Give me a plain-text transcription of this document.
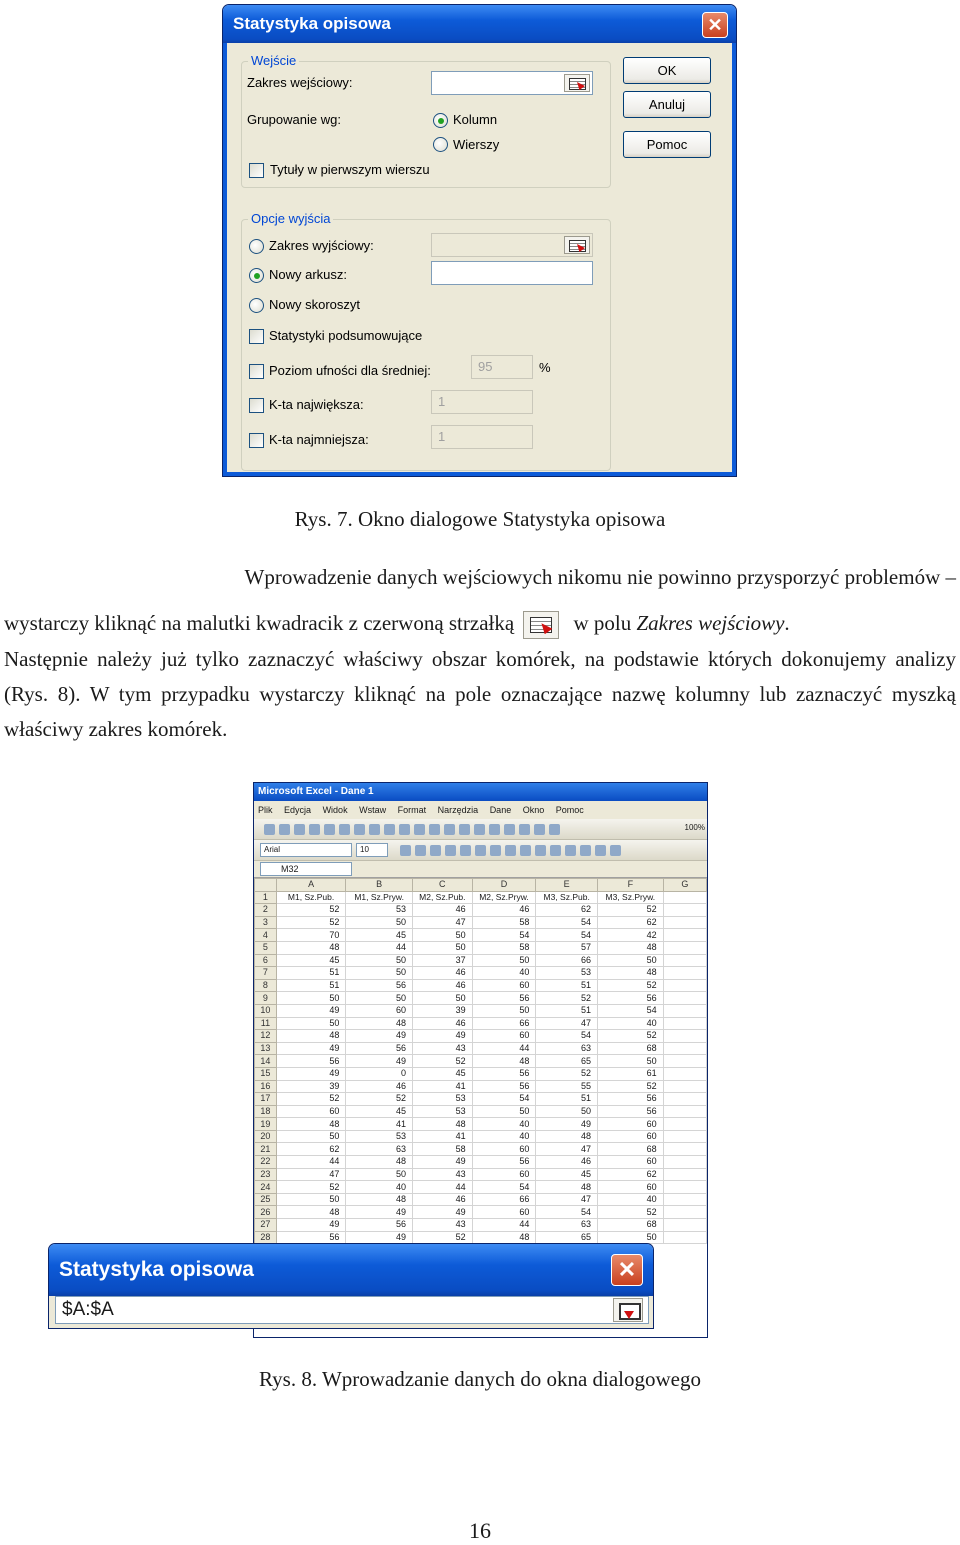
Statystyka opisowa	✕
Wejście
Zakres wejściowy:
Grupowanie wg:	Kolumn
Wierszy
Tytuły w pierwszym wierszu
Opcje wyjścia
Zakres wyjściowy:
Nowy arkusz:
Nowy skoroszyt
Statystyki podsumowujące
Poziom ufności dla średniej:	95	%
K-ta największa:	1
K-ta najmniejsza:	1
OK
Anuluj
Pomoc
Rys. 7. Okno dialogowe Statystyka opisowa
Wprowadzenie danych wejściowych nikomu nie powinno przysporzyć problemów –
wystarczy kliknąć na malutki kwadracik z czerwoną strzałką	w polu Zakres wejściowy.
Następnie należy już tylko zaznaczyć właściwy obszar komórek, na podstawie których dokonujemy analizy (Rys. 8). W tym przypadku wystarczy kliknąć na pole oznaczające nazwę kolumny lub zaznaczyć myszką właściwy zakres komórek.
Microsoft Excel - Dane 1
Plik Edycja Widok Wstaw Format Narzędzia Dane Okno Pomoc

100%
Arial	10

M32
	A	B	C	D	E	F	G
1	M1, Sz.Pub.	M1, Sz.Pryw.	M2, Sz.Pub.	M2, Sz.Pryw.	M3, Sz.Pub.	M3, Sz.Pryw.	
2	52	53	46	46	62	52	
3	52	50	47	58	54	62	
4	70	45	50	54	54	42	
5	48	44	50	58	57	48	
6	45	50	37	50	66	50	
7	51	50	46	40	53	48	
8	51	56	46	60	51	52	
9	50	50	50	56	52	56	
10	49	60	39	50	51	54	
11	50	48	46	66	47	40	
12	48	49	49	60	54	52	
13	49	56	43	44	63	68	
14	56	49	52	48	65	50	
15	49	0	45	56	52	61	
16	39	46	41	56	55	52	
17	52	52	53	54	51	56	
18	60	45	53	50	50	56	
19	48	41	48	40	49	60	
20	50	53	41	40	48	60	
21	62	63	58	60	47	68	
22	44	48	49	56	46	60	
23	47	50	43	60	45	62	
24	52	40	44	54	48	60	
25	50	48	46	66	47	40	
26	48	49	49	60	54	52	
27	49	56	43	44	63	68	
28	56	49	52	48	65	50	
Statystyka opisowa	✕
$A:$A
Rys. 8. Wprowadzanie danych do okna dialogowego
16
